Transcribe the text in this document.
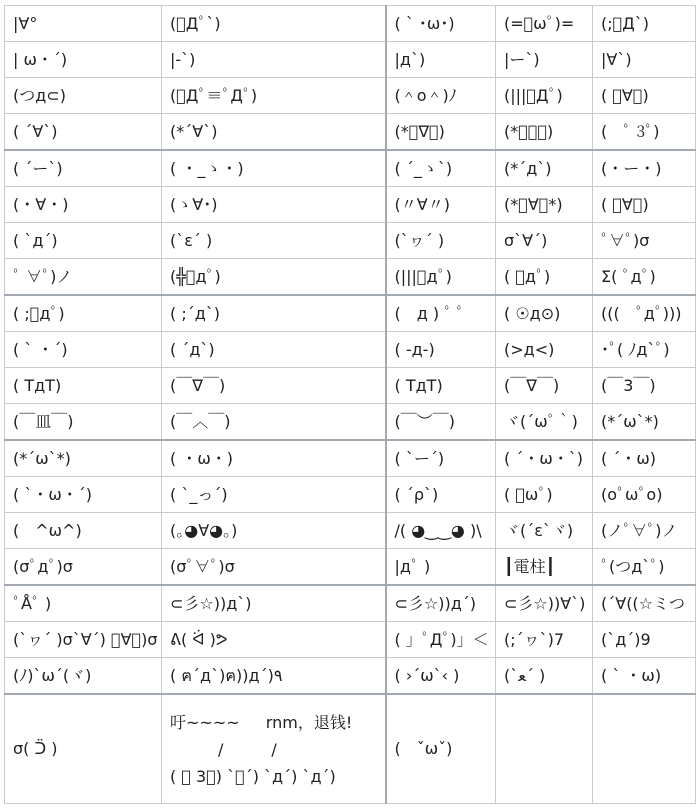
|∀°	(ﾟДﾟ`)	( ` ･ω･)	(=ﾟωﾟ)=	(;ﾟД`)
| ω・´)	|-`)	|д`)	|ー`)	|∀`)
(つд⊂)	(ﾟДﾟ≡ﾟДﾟ)	(＾o＾)ﾉ	(|||ﾟДﾟ)	( ﾟ∀ﾟ)
( ´∀`)	(*´∀`)	(*ﾟ∇ﾟ)	(*ﾟーﾟ)	(　ﾟ 3ﾟ)
( ´ー`)	( ・_ゝ・)	( ´_ゝ`)	(*´д`)	(・ー・)
(・∀・)	(ゝ∀･)	(〃∀〃)	(*ﾟ∀ﾟ*)	( ﾟ∀。)
( `д´)	(`ε´ )	(`ヮ´ )	σ`∀´)	ﾟ∀ﾟ)σ
ﾟ ∀ﾟ)ノ	(╬ﾟдﾟ)	(|||ﾟдﾟ)	( ﾟдﾟ)	Σ( ﾟдﾟ)
( ;ﾟдﾟ)	( ;´д`)	(　д ) ﾟ ﾟ	( ☉д⊙)	(((　ﾟдﾟ)))
( ` ・´)	( ´д`)	( -д-)	(>д<)	･ﾟ( ﾉд`ﾟ)
( TдT)	(￣∇￣)	( TдT)	(￣∇￣)	(￣3￣)
(￣皿￣)	(￣︿￣)	(￣︶￣)	ヾ(´ωﾟ｀)	(*´ω`*)
(*´ω`*)	( ・ω・)	( `ー´)	( ´・ω・`)	( ´・ω)
( `・ω・´)	( `_っ´)	( ´ρ`)	( ﾟωﾟ)	(oﾟωﾟo)
(　^ω^)	(｡◕∀◕｡)	/( ◕‿‿◕ )\	ヾ(´ε`ヾ)	(ノﾟ∀ﾟ)ノ
(σﾟдﾟ)σ	(σﾟ∀ﾟ)σ	|дﾟ )	┃電柱┃	ﾟ(つд`ﾟ)
ﾟÅﾟ )	⊂彡☆))д`)	⊂彡☆))д´)	⊂彡☆))∀`)	(´∀((☆ミつ
(`ヮ´ )σ`∀´) ﾟ∀ﾟ)σ	ᕕ( ᐛ )ᕗ	( 」ﾟДﾟ)」＜	(;´ヮ`)7	(`д´)9
(ﾉ)`ω´(ヾ)	( ฅ´д`)ฅ))д´)٩	( ›´ω`‹ )	(`ﻌ´ )	( ` ・ω)
σ( ᑒ )	吁~~~~　  rnm，退钱!
　　　/　　　/
( ﾟ 3ﾟ) `ー´) `д´) `д´)	(　ˇωˇ)		
